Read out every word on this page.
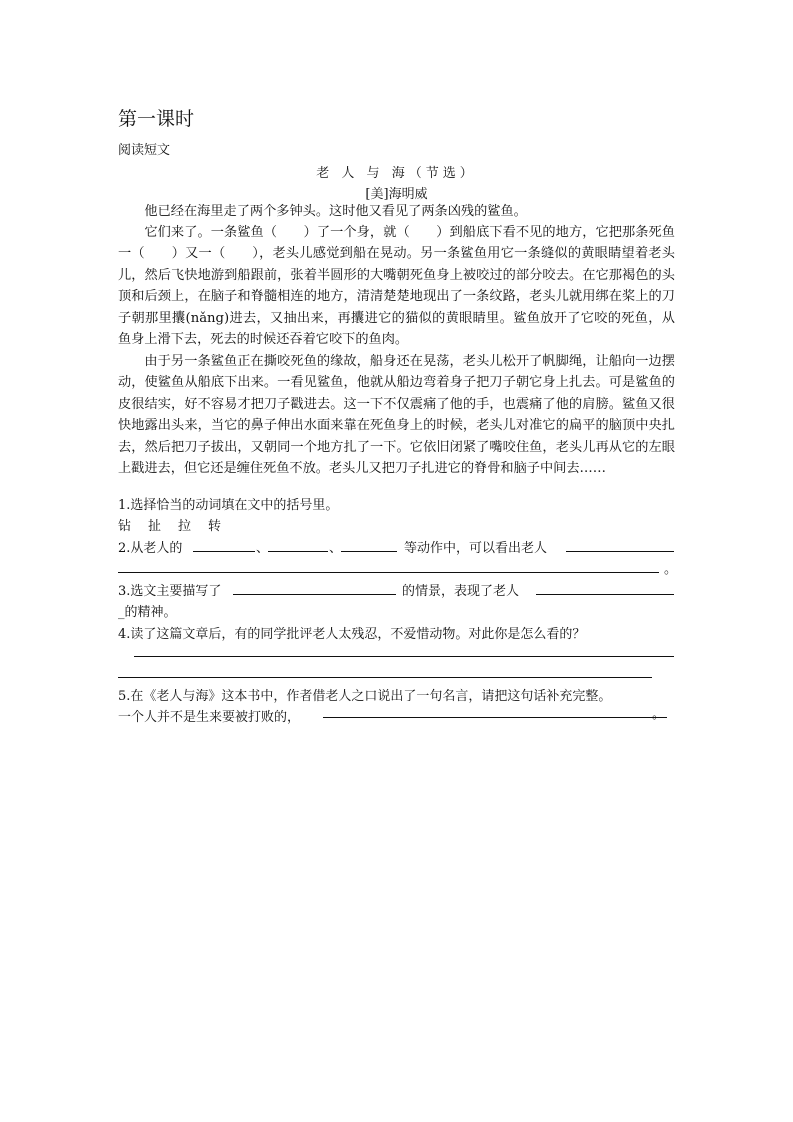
第一课时
阅读短文
老 人 与 海（节选）
[美]海明威
他已经在海里走了两个多钟头。这时他又看见了两条凶残的鲨鱼。
它们来了。一条鲨鱼（　　）了一个身，就（　　）到船底下看不见的地方，它把那条死鱼一（　　）又一（　　），老头儿感觉到船在晃动。另一条鲨鱼用它一条缝似的黄眼睛望着老头儿，然后飞快地游到船跟前，张着半圆形的大嘴朝死鱼身上被咬过的部分咬去。在它那褐色的头顶和后颈上，在脑子和脊髓相连的地方，清清楚楚地现出了一条纹路，老头儿就用绑在桨上的刀子朝那里攮(nǎng)进去，又抽出来，再攮进它的猫似的黄眼睛里。鲨鱼放开了它咬的死鱼，从鱼身上滑下去，死去的时候还吞着它咬下的鱼肉。
由于另一条鲨鱼正在撕咬死鱼的缘故，船身还在晃荡，老头儿松开了帆脚绳，让船向一边摆动，使鲨鱼从船底下出来。一看见鲨鱼，他就从船边弯着身子把刀子朝它身上扎去。可是鲨鱼的皮很结实，好不容易才把刀子戳进去。这一下不仅震痛了他的手，也震痛了他的肩膀。鲨鱼又很快地露出头来，当它的鼻子伸出水面来靠在死鱼身上的时候，老头儿对准它的扁平的脑顶中央扎去，然后把刀子拔出，又朝同一个地方扎了一下。它依旧闭紧了嘴咬住鱼，老头儿再从它的左眼上戳进去，但它还是缠住死鱼不放。老头儿又把刀子扎进它的脊骨和脑子中间去……
1.选择恰当的动词填在文中的括号里。
钻　扯　拉　转
2.从老人的	、	、	等动作中，可以看出老人
。
3.选文主要描写了	的情景，表现了老人
_的精神。
4.读了这篇文章后，有的同学批评老人太残忍，不爱惜动物。对此你是怎么看的？
5.在《老人与海》这本书中，作者借老人之口说出了一句名言，请把这句话补充完整。
一个人并不是生来要被打败的，	。
